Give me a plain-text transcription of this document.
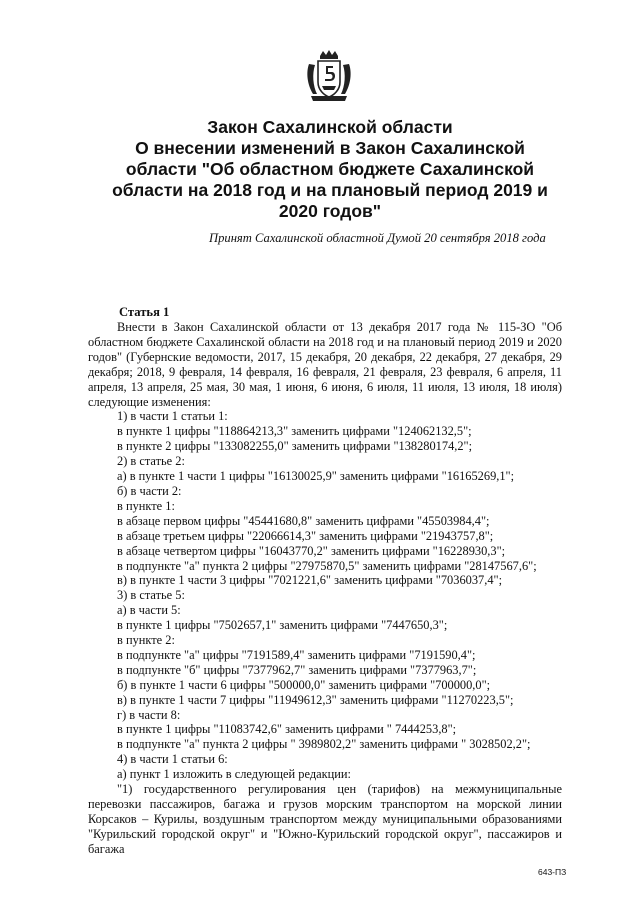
Закон Сахалинской области
О внесении изменений в Закон Сахалинской
области "Об областном бюджете Сахалинской
области на 2018 год и на плановый период 2019 и
2020 годов"
Принят Сахалинской областной Думой 20 сентября 2018 года
Статья 1

Внести в Закон Сахалинской области от 13 декабря 2017 года № 115-ЗО "Об областном бюджете Сахалинской области на 2018 год и на плановый период 2019 и 2020 годов" (Губернские ведомости, 2017, 15 декабря, 20 декабря, 22 декабря, 27 декабря, 29 декабря; 2018, 9 февраля, 14 февраля, 16 февраля, 21 февраля, 23 февраля, 6 апреля, 11 апреля, 13 апреля, 25 мая, 30 мая, 1 июня, 6 июня, 6 июля, 11 июля, 13 июля, 18 июля) следующие изменения:

1) в части 1 статьи 1:
в пункте 1 цифры "118864213,3" заменить цифрами "124062132,5";
в пункте 2 цифры "133082255,0" заменить цифрами "138280174,2";
2) в статье 2:
а) в пункте 1 части 1 цифры "16130025,9" заменить цифрами "16165269,1";
б) в части 2:
в пункте 1:
в абзаце первом цифры "45441680,8" заменить цифрами "45503984,4";
в абзаце третьем цифры "22066614,3" заменить цифрами "21943757,8";
в абзаце четвертом цифры "16043770,2" заменить цифрами "16228930,3";
в подпункте "а" пункта 2 цифры "27975870,5" заменить цифрами "28147567,6";
в) в пункте 1 части 3 цифры "7021221,6" заменить цифрами "7036037,4";
3) в статье 5:
а) в части 5:
в пункте 1 цифры "7502657,1" заменить цифрами "7447650,3";
в пункте 2:
в подпункте "а" цифры "7191589,4" заменить цифрами "7191590,4";
в подпункте "б" цифры "7377962,7" заменить цифрами "7377963,7";
б) в пункте 1 части 6 цифры "500000,0" заменить цифрами "700000,0";
в) в пункте 1 части 7 цифры "11949612,3" заменить цифрами "11270223,5";
г) в части 8:
в пункте 1 цифры "11083742,6" заменить цифрами " 7444253,8";
в подпункте "а" пункта 2 цифры " 3989802,2" заменить цифрами " 3028502,2";
4) в части 1 статьи 6:
а) пункт 1 изложить в следующей редакции:

"1) государственного регулирования цен (тарифов) на межмуниципальные перевозки пассажиров, багажа и грузов морским транспортом на морской линии Корсаков – Курилы, воздушным транспортом между муниципальными образованиями "Курильский городской округ" и "Южно-Курильский городской округ", пассажиров и багажа

643-ПЗ
